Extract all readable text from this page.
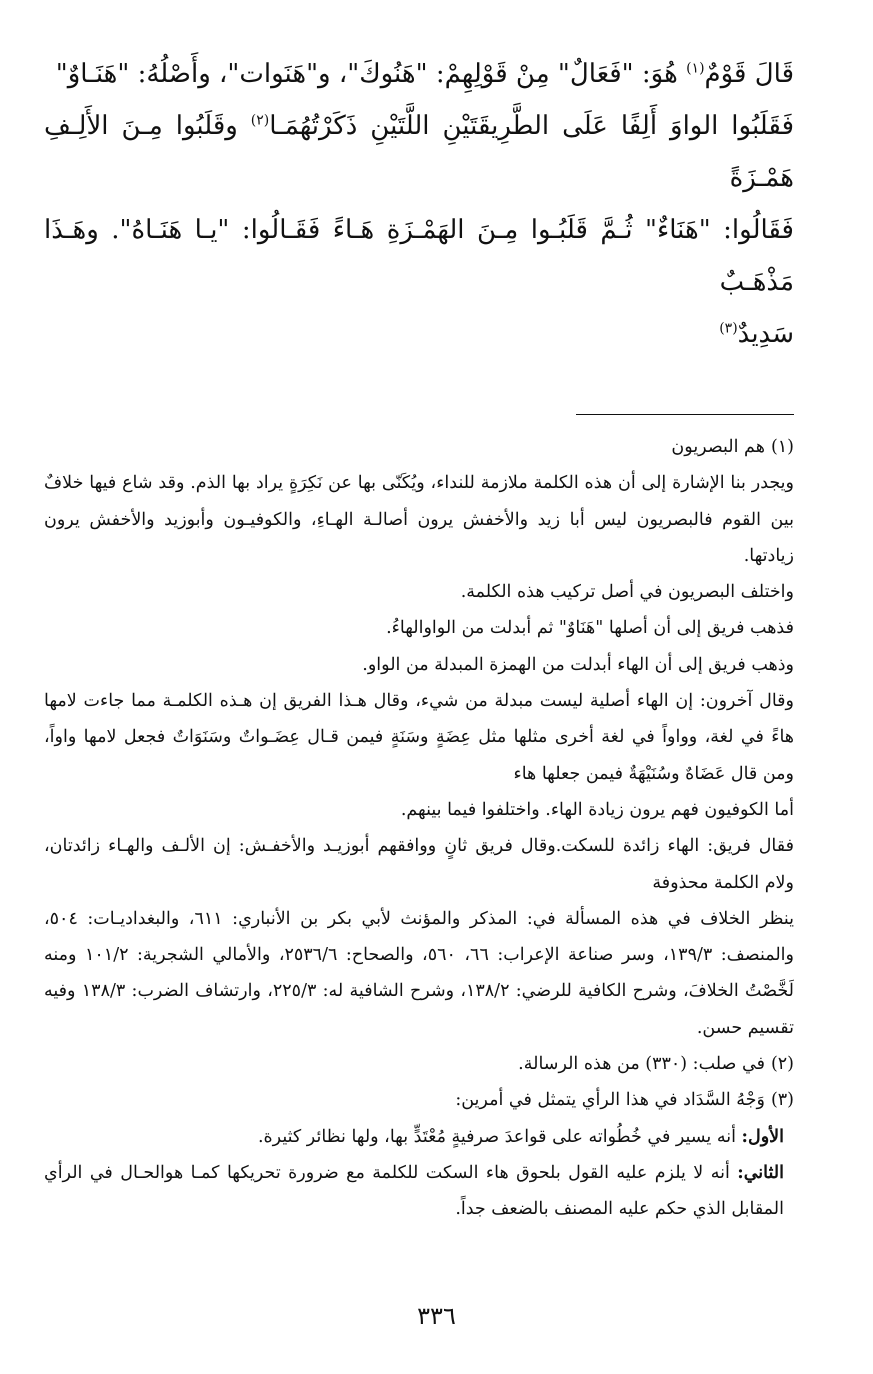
قَالَ قَوْمٌ$^{(١)}$ هُوَ: "فَعَالٌ" مِنْ قَوْلِهِمْ: "هَنُوكَ"، و"هَنَوات"، وأَصْلُهُ: "هَنَـاوٌ"

فَقَلَبُوا الواوَ أَلِفًا عَلَى الطَّرِيقَتَيْنِ اللَّتَيْنِ ذَكَرْتُهُمَـا$^{(٢)}$ وقَلَبُوا مِـنَ الأَلِـفِ هَمْـزَةً

فَقَالُوا: "هَنَاءٌ" ثُـمَّ قَلَبُـوا مِـنَ الهَمْـزَةِ هَـاءً فَقَـالُوا: "يـا هَنَـاهُ". وهَـذَا مَذْهَـبٌ

سَدِيدٌ$^{(٣)}$

(١)هم البصريون

ويجدر بنا الإشارة إلى أن هذه الكلمة ملازمة للنداء، ويُكَنّى بها عن نَكِرَةٍ يراد بها الذم. وقد شاع فيها خلافٌ بين القوم فالبصريون ليس أبا زيد والأخفش يرون أصالـة الهـاءِ، والكوفيـون وأبوزيد والأخفش يرون زيادتها.

واختلف البصريون في أصل تركيب هذه الكلمة.

فذهب فريق إلى أن أصلها "هَنَاوٌ" ثم أبدلت من الواوالهاءُ.

وذهب فريق إلى أن الهاء أبدلت من الهمزة المبدلة من الواو.

وقال آخرون: إن الهاء أصلية ليست مبدلة من شيء، وقال هـذا الفريق إن هـذه الكلمـة مما جاءت لامها هاءً في لغة، وواواً في لغة أخرى مثلها مثل عِضَةٍ وسَنَةٍ فيمن قـال عِضَـواتٌ وسَنَوَاتٌ فجعل لامها واواً، ومن قال عَضَاهٌ وسُنَيْهَةٌ فيمن جعلها هاء

أما الكوفيون فهم يرون زيادة الهاء. واختلفوا فيما بينهم.

فقال فريق: الهاء زائدة للسكت.وقال فريق ثانٍ ووافقهم أبوزيـد والأخفـش: إن الألـف والهـاء زائدتان، ولام الكلمة محذوفة

ينظر الخلاف في هذه المسألة في: المذكر والمؤنث لأبي بكر بن الأنباري: ٦١١، والبغداديـات: ٥٠٤، والمنصف: ١٣٩/٣، وسر صناعة الإعراب: ٦٦، ٥٦٠، والصحاح: ٢٥٣٦/٦، والأمالي الشجرية: ١٠١/٢ ومنه لَخَّصْتُ الخلافَ، وشرح الكافية للرضي: ١٣٨/٢، وشرح الشافية له: ٢٢٥/٣، وارتشاف الضرب: ١٣٨/٣ وفيه تقسيم حسن.

(٢)في صلب: (٣٣٠) من هذه الرسالة.

(٣)وَجْهُ السَّدَاد في هذا الرأي يتمثل في أمرين:

الأول: أنه يسير في خُطُواته على قواعدَ صرفيةٍ مُعْتَدٍّ بها، ولها نظائر كثيرة.

الثاني: أنه لا يلزم عليه القول بلحوق هاء السكت للكلمة مع ضرورة تحريكها كمـا هوالحـال في الرأي المقابل الذي حكم عليه المصنف بالضعف جداً.

٣٣٦
